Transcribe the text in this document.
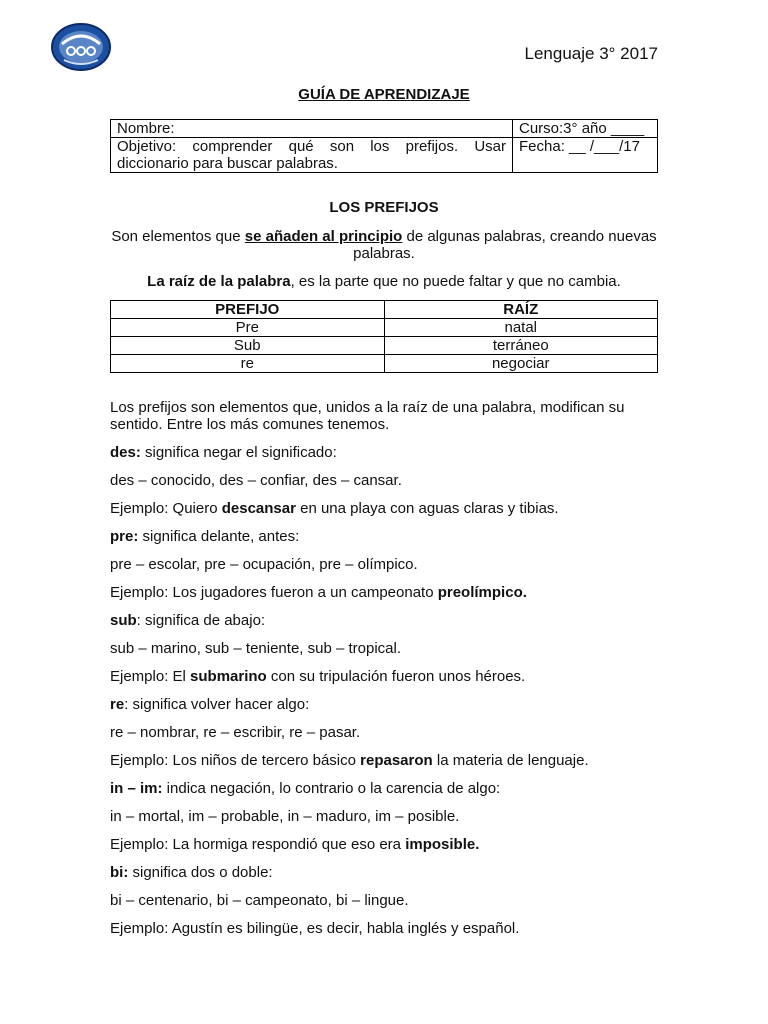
Lenguaje 3° 2017
GUÍA DE APRENDIZAJE
Nombre:	Curso:3° año ____
Objetivo: comprender qué son los prefijos. Usar diccionario para buscar palabras.	Fecha: __ /___/17
LOS PREFIJOS
Son elementos que se añaden al principio de algunas palabras, creando nuevas palabras.
La raíz de la palabra, es la parte que no puede faltar y que no cambia.
PREFIJO	RAÍZ
Pre	natal
Sub	terráneo
re	negociar

Los prefijos son elementos que, unidos a la raíz de una palabra, modifican su sentido. Entre los más comunes tenemos.

des: significa negar el significado:

des – conocido, des – confiar, des – cansar.

Ejemplo: Quiero descansar en una playa con aguas claras y tibias.

pre: significa delante, antes:

pre – escolar, pre – ocupación, pre – olímpico.

Ejemplo: Los jugadores fueron a un campeonato preolímpico.

sub: significa de abajo:

sub – marino, sub – teniente, sub – tropical.

Ejemplo: El submarino con su tripulación fueron unos héroes.

re: significa volver hacer algo:

re – nombrar, re – escribir, re – pasar.

Ejemplo: Los niños de tercero básico repasaron la materia de lenguaje.

in – im: indica negación, lo contrario o la carencia de algo:

in – mortal, im – probable, in – maduro, im – posible.

Ejemplo: La hormiga respondió que eso era imposible.

bi: significa dos o doble:

bi – centenario, bi – campeonato, bi – lingue.

Ejemplo: Agustín es bilingüe, es decir, habla inglés y español.
